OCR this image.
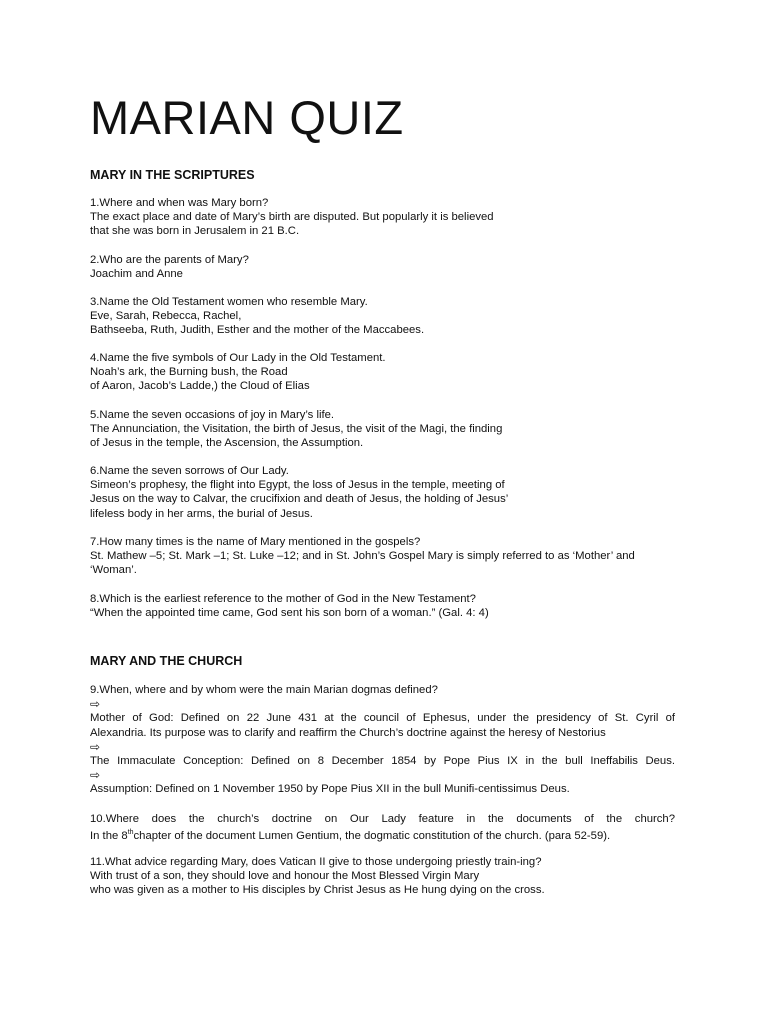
MARIAN QUIZ
MARY IN THE SCRIPTURES
1.Where and when was Mary born?
The exact place and date of Mary’s birth are disputed. But popularly it is believed
that she was born in Jerusalem in 21 B.C.
2.Who are the parents of Mary?
Joachim and Anne
3.Name the Old Testament women who resemble Mary.
Eve, Sarah, Rebecca, Rachel,
Bathseeba, Ruth, Judith, Esther and the mother of the Maccabees.
4.Name the five symbols of Our Lady in the Old Testament.
Noah’s ark, the Burning bush, the Road
of Aaron, Jacob’s Ladde,) the Cloud of Elias
5.Name the seven occasions of joy in Mary’s life.
The Annunciation, the Visitation, the birth of Jesus, the visit of the Magi, the finding
of Jesus in the temple, the Ascension, the Assumption.
6.Name the seven sorrows of Our Lady.
Simeon’s prophesy, the flight into Egypt, the loss of Jesus in the temple, meeting of
Jesus on the way to Calvar, the crucifixion and death of Jesus, the holding of Jesus’
lifeless body in her arms, the burial of Jesus.
7.How many times is the name of Mary mentioned in the gospels?
St. Mathew –5; St. Mark –1; St. Luke –12; and in St. John’s Gospel Mary is simply referred to as ‘Mother’ and
‘Woman’.
8.Which is the earliest reference to the mother of God in the New Testament?
“When the appointed time came, God sent his son born of a woman.” (Gal. 4: 4)
MARY AND THE CHURCH
9.When, where and by whom were the main Marian dogmas defined?
⇨
Mother of God: Defined on 22 June 431 at the council of Ephesus, under the presidency of St. Cyril of
Alexandria. Its purpose was to clarify and reaffirm the Church’s doctrine against the heresy of Nestorius
⇨
The Immaculate Conception: Defined on 8 December 1854 by Pope Pius IX in the bull Ineffabilis Deus.
⇨
Assumption: Defined on 1 November 1950 by Pope Pius XII in the bull Munifi-centissimus Deus.
10.Where does the church’s doctrine on Our Lady feature in the documents of the church?
In the 8thchapter of the document Lumen Gentium, the dogmatic constitution of the church. (para 52-59).
11.What advice regarding Mary, does Vatican II give to those undergoing priestly train-ing?
With trust of a son, they should love and honour the Most Blessed Virgin Mary
who was given as a mother to His disciples by Christ Jesus as He hung dying on the cross.
